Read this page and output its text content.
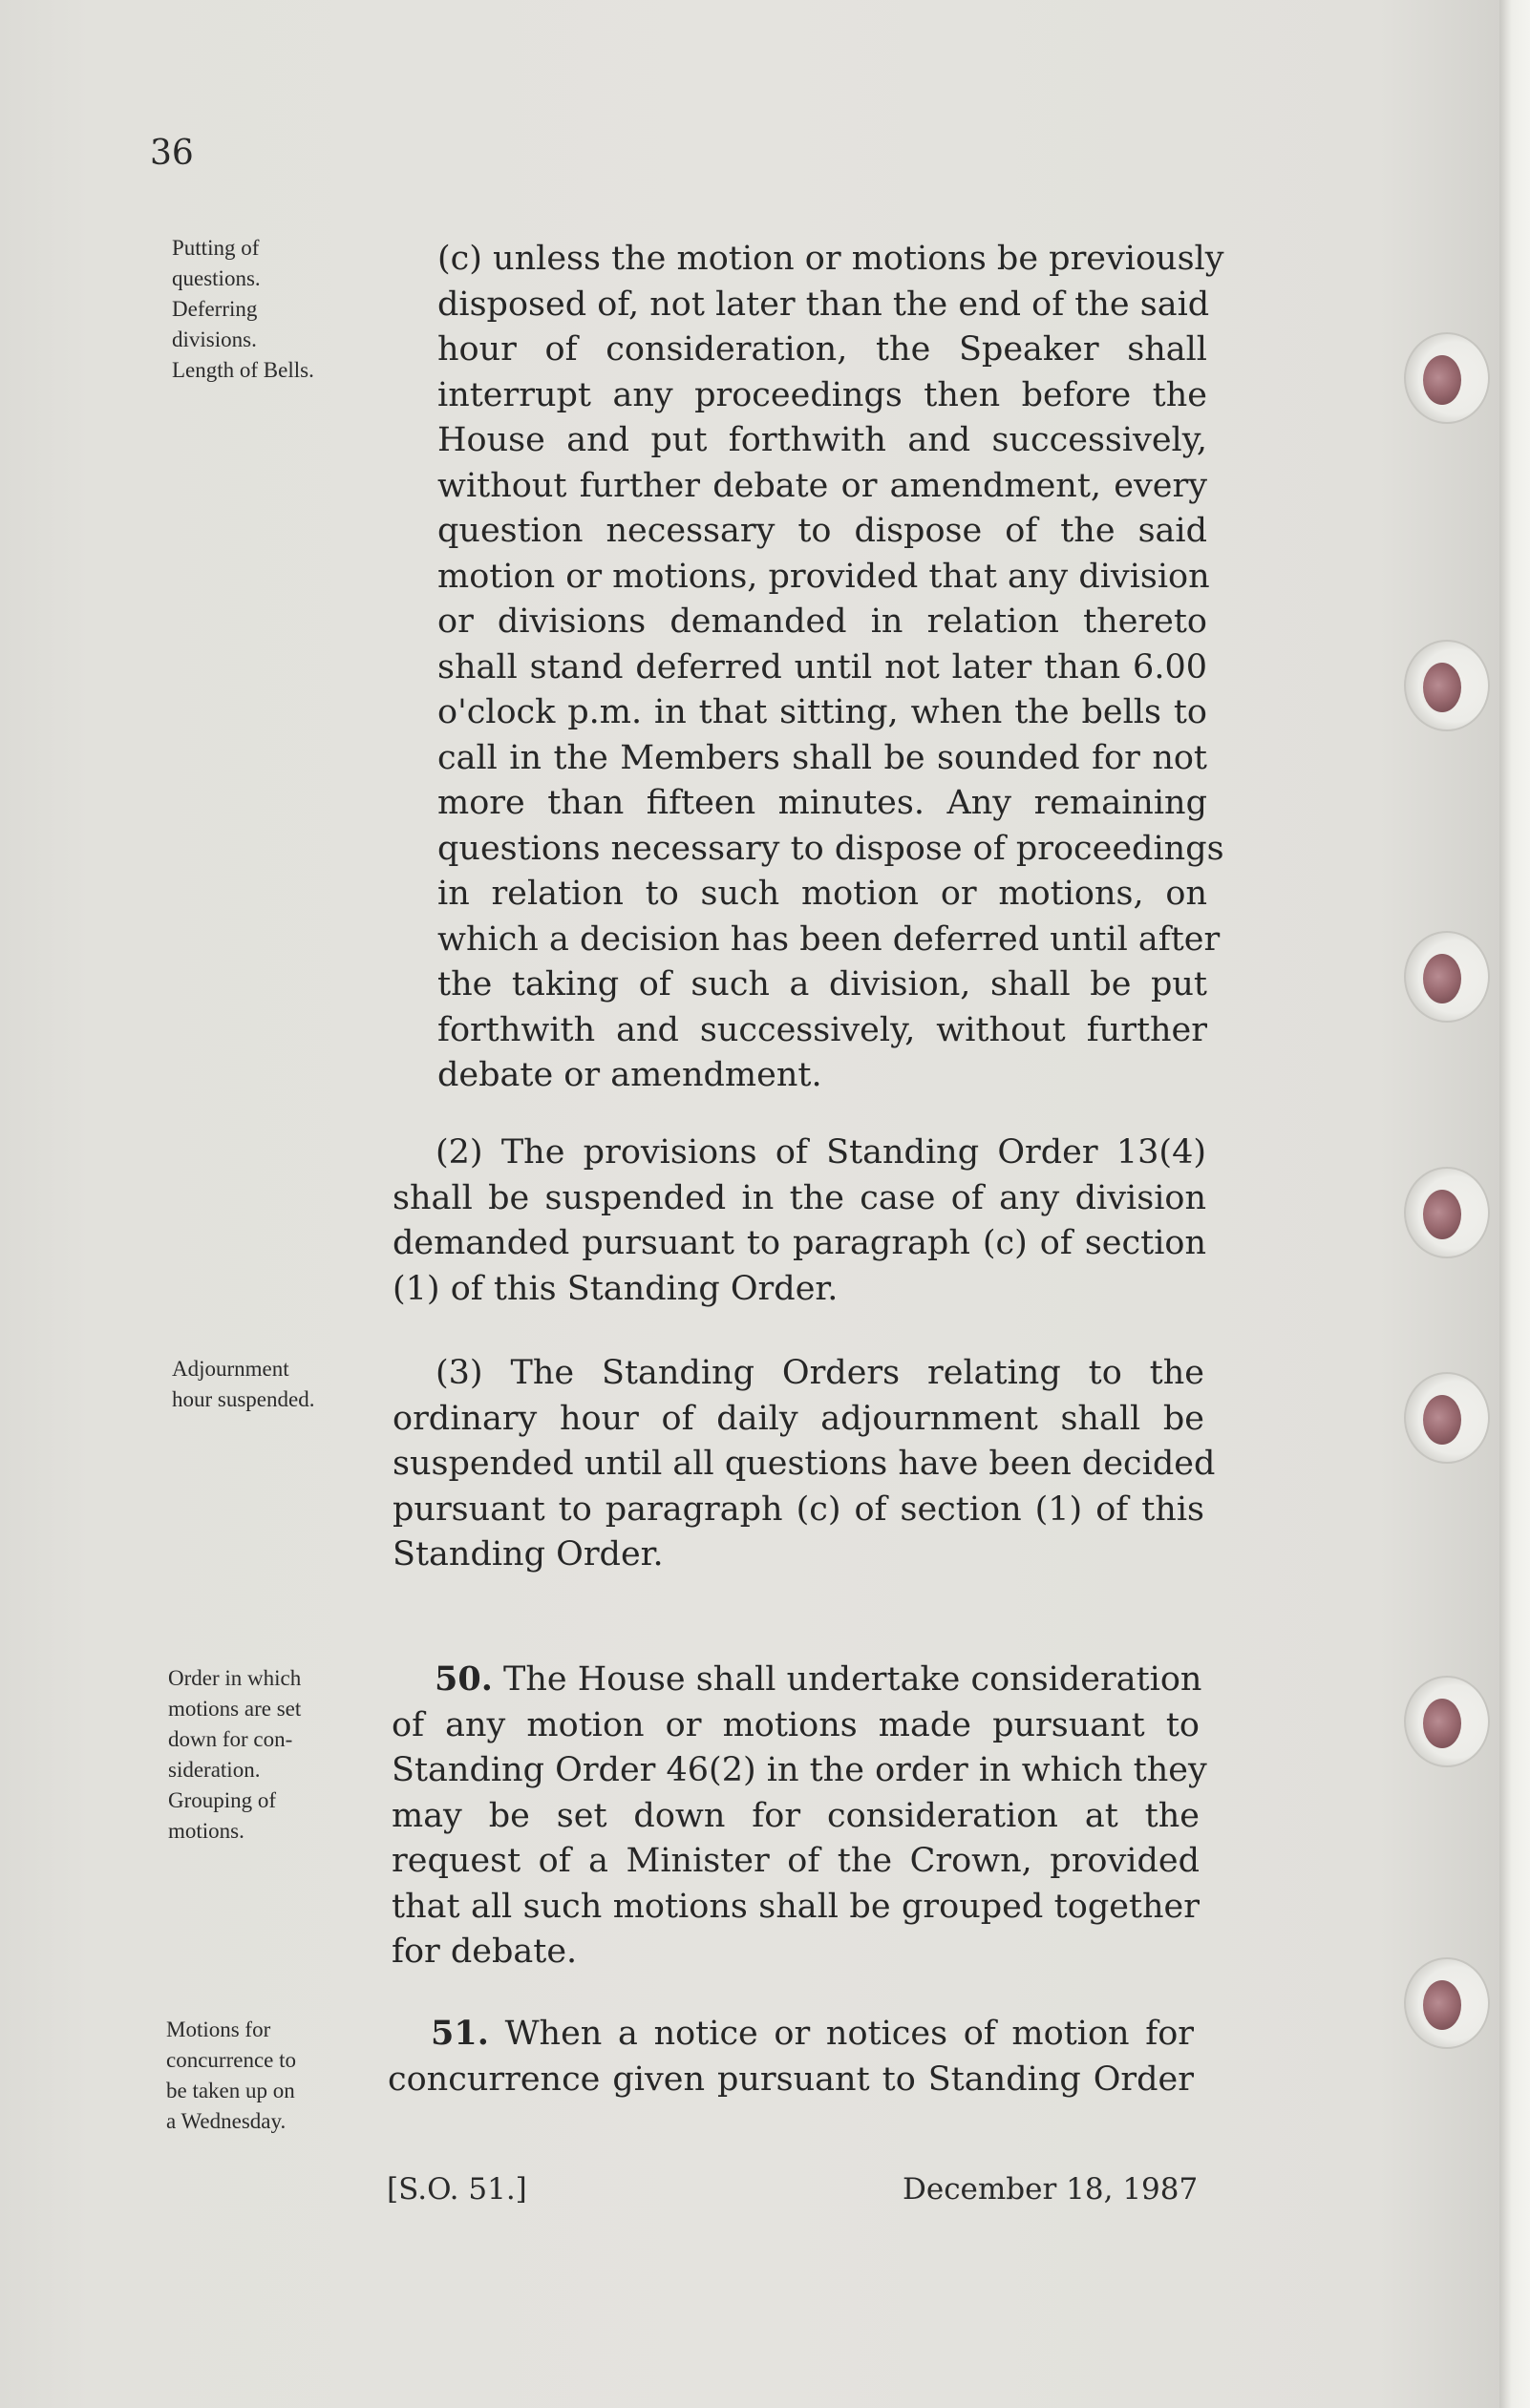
36
Putting of
questions.
Deferring
divisions.
Length of Bells.
Adjournment
hour suspended.
Order in which
motions are set
down for con-
sideration.
Grouping of
motions.
Motions for
concurrence to
be taken up on
a Wednesday.
(c) unless the motion or motions be previously
disposed of, not later than the end of the said
hour of consideration, the Speaker shall
interrupt any proceedings then before the
House and put forthwith and successively,
without further debate or amendment, every
question necessary to dispose of the said
motion or motions, provided that any division
or divisions demanded in relation thereto
shall stand deferred until not later than 6.00
o'clock p.m. in that sitting, when the bells to
call in the Members shall be sounded for not
more than fifteen minutes. Any remaining
questions necessary to dispose of proceedings
in relation to such motion or motions, on
which a decision has been deferred until after
the taking of such a division, shall be put
forthwith and successively, without further
debate or amendment.
(2) The provisions of Standing Order 13(4)
shall be suspended in the case of any division
demanded pursuant to paragraph (c) of section
(1) of this Standing Order.
(3) The Standing Orders relating to the
ordinary hour of daily adjournment shall be
suspended until all questions have been decided
pursuant to paragraph (c) of section (1) of this
Standing Order.
50. The House shall undertake consideration
of any motion or motions made pursuant to
Standing Order 46(2) in the order in which they
may be set down for consideration at the
request of a Minister of the Crown, provided
that all such motions shall be grouped together
for debate.
51. When a notice or notices of motion for
concurrence given pursuant to Standing Order
[S.O. 51.]	December 18, 1987
